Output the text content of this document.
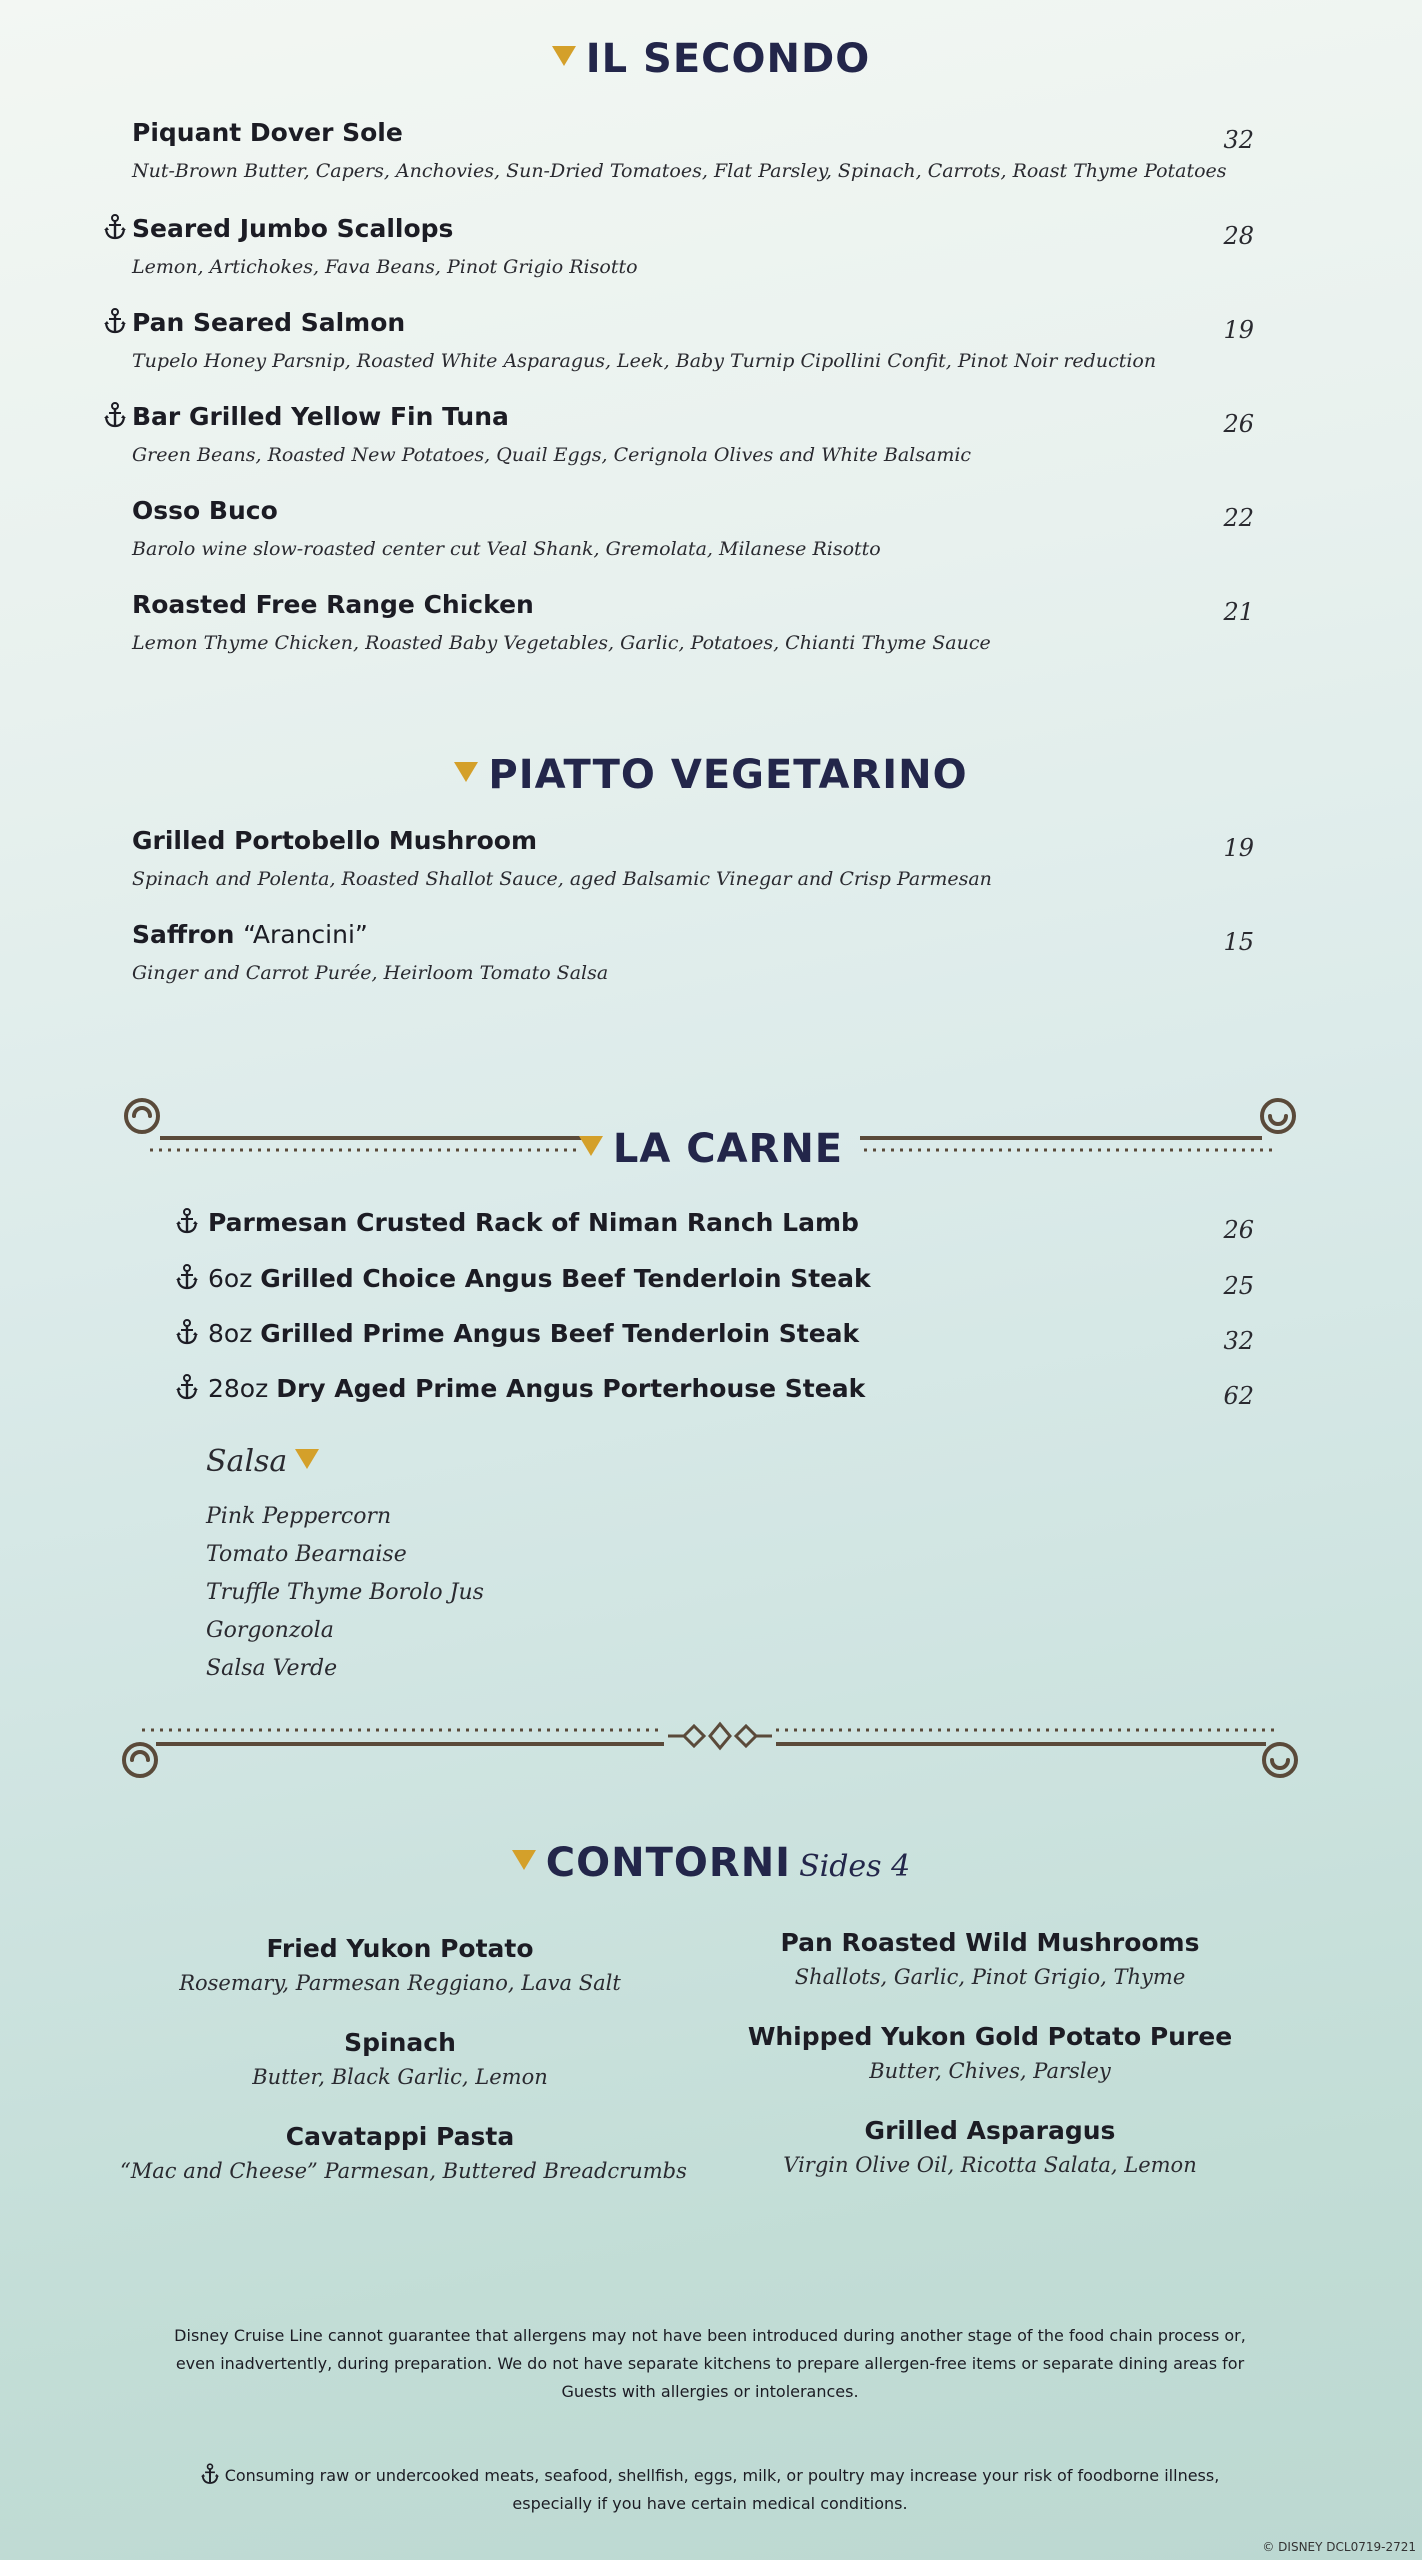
IL SECONDO
Piquant Dover Sole
Nut-Brown Butter, Capers, Anchovies, Sun-Dried Tomatoes, Flat Parsley, Spinach, Carrots, Roast Thyme Potatoes
32
Seared Jumbo Scallops
Lemon, Artichokes, Fava Beans, Pinot Grigio Risotto
28
Pan Seared Salmon
Tupelo Honey Parsnip, Roasted White Asparagus, Leek, Baby Turnip Cipollini Confit, Pinot Noir reduction
19
Bar Grilled Yellow Fin Tuna
Green Beans, Roasted New Potatoes, Quail Eggs, Cerignola Olives and White Balsamic
26
Osso Buco
Barolo wine slow-roasted center cut Veal Shank, Gremolata, Milanese Risotto
22
Roasted Free Range Chicken
Lemon Thyme Chicken, Roasted Baby Vegetables, Garlic, Potatoes, Chianti Thyme Sauce
21
PIATTO VEGETARINO
Grilled Portobello Mushroom
Spinach and Polenta, Roasted Shallot Sauce, aged Balsamic Vinegar and Crisp Parmesan
19
Saffron “Arancini”
Ginger and Carrot Purée, Heirloom Tomato Salsa
15
LA CARNE
Parmesan Crusted Rack of Niman Ranch Lamb	26
6oz Grilled Choice Angus Beef Tenderloin Steak	25
8oz Grilled Prime Angus Beef Tenderloin Steak	32
28oz Dry Aged Prime Angus Porterhouse Steak	62
Salsa
Pink Peppercorn
Tomato Bearnaise
Truffle Thyme Borolo Jus
Gorgonzola
Salsa Verde
CONTORNI Sides 4
Fried Yukon Potato
Rosemary, Parmesan Reggiano, Lava Salt
Spinach
Butter, Black Garlic, Lemon
Cavatappi Pasta
“Mac and Cheese” Parmesan, Buttered Breadcrumbs
Pan Roasted Wild Mushrooms
Shallots, Garlic, Pinot Grigio, Thyme
Whipped Yukon Gold Potato Puree
Butter, Chives, Parsley
Grilled Asparagus
Virgin Olive Oil, Ricotta Salata, Lemon
Disney Cruise Line cannot guarantee that allergens may not have been introduced during another stage of the food chain process or, even inadvertently, during preparation. We do not have separate kitchens to prepare allergen-free items or separate dining areas for Guests with allergies or intolerances.
Consuming raw or undercooked meats, seafood, shellfish, eggs, milk, or poultry may increase your risk of foodborne illness, especially if you have certain medical conditions.
© DISNEY DCL0719-2721
